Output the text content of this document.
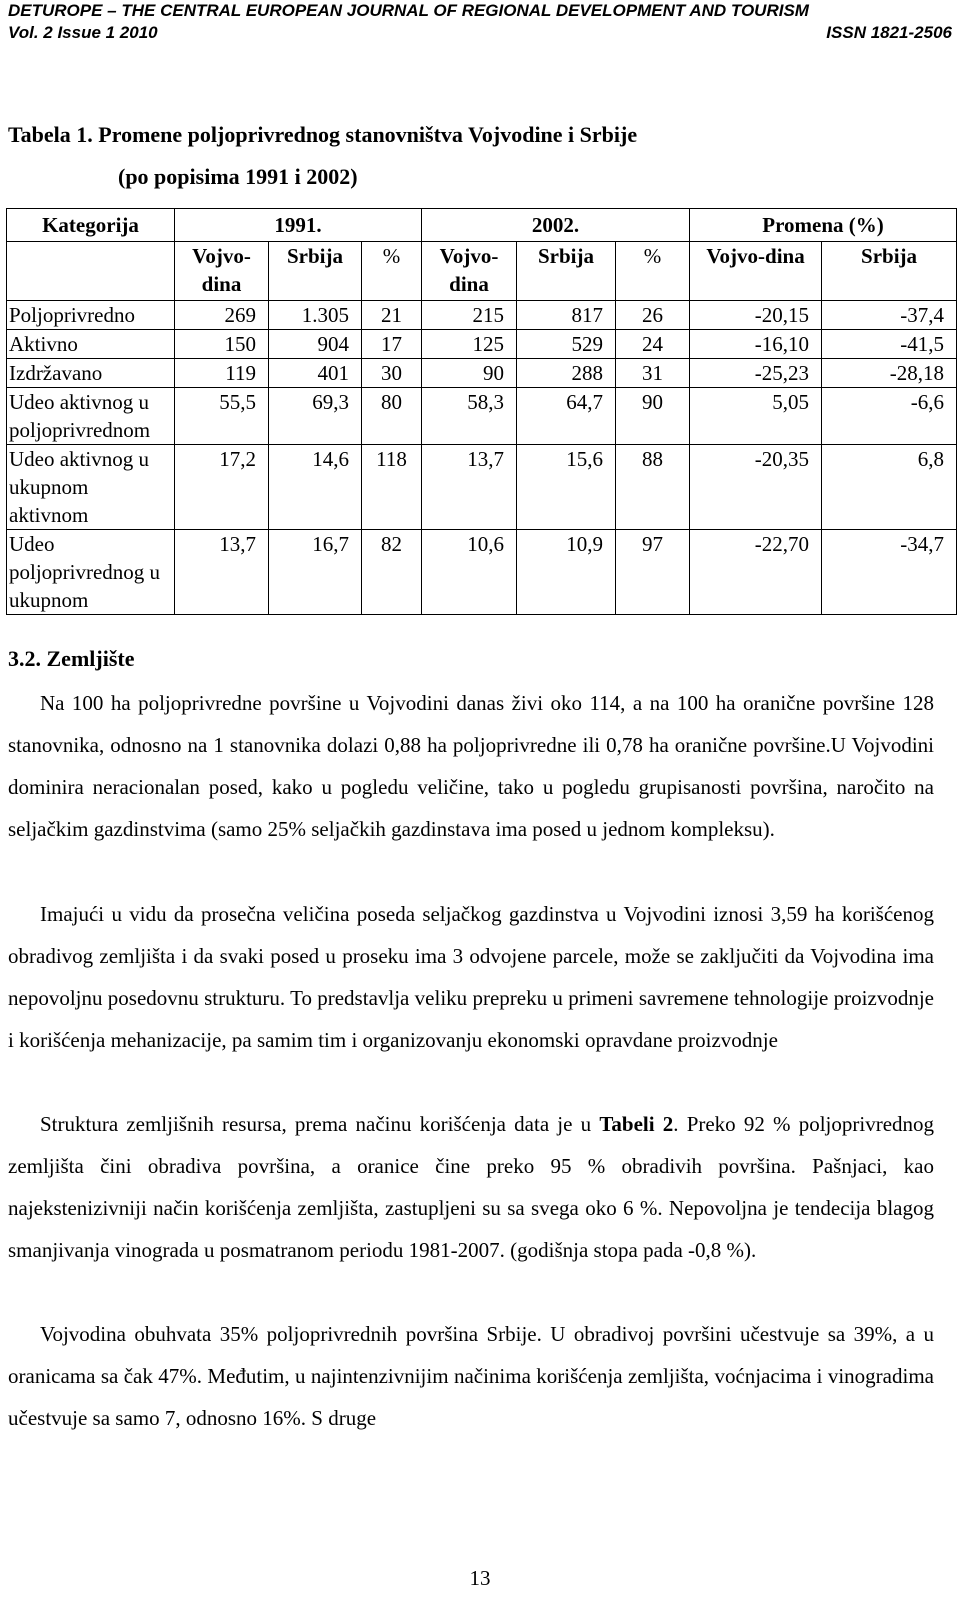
DETUROPE – THE CENTRAL EUROPEAN JOURNAL OF REGIONAL DEVELOPMENT AND TOURISM
Vol. 2 Issue 1 2010	ISSN 1821-2506
Tabela 1. Promene poljoprivrednog stanovništva Vojvodine i Srbije
(po popisima 1991 i 2002)
Kategorija	1991.			2002.			Promena (%)	
	Vojvo-dina	Srbija	%	Vojvo-dina	Srbija	%	Vojvo-dina	Srbija
Poljoprivredno	269	1.305	21	215	817	26	-20,15	-37,4
Aktivno	150	904	17	125	529	24	-16,10	-41,5
Izdržavano	119	401	30	90	288	31	-25,23	-28,18
Udeo aktivnog u poljoprivrednom	55,5	69,3	80	58,3	64,7	90	5,05	-6,6
Udeo aktivnog u ukupnom aktivnom	17,2	14,6	118	13,7	15,6	88	-20,35	6,8
Udeo poljoprivrednog u ukupnom	13,7	16,7	82	10,6	10,9	97	-22,70	-34,7
3.2. Zemljište
Na 100 ha poljoprivredne površine u Vojvodini danas živi oko 114, a na 100 ha oranične površine 128 stanovnika, odnosno na 1 stanovnika dolazi 0,88 ha poljoprivredne ili 0,78 ha oranične površine.U Vojvodini dominira neracionalan posed, kako u pogledu veličine, tako u pogledu grupisanosti površina, naročito na seljačkim gazdinstvima (samo 25% seljačkih gazdinstava ima posed u jednom kompleksu).
Imajući u vidu da prosečna veličina poseda seljačkog gazdinstva u Vojvodini iznosi 3,59 ha korišćenog obradivog zemljišta i da svaki posed u proseku ima 3 odvojene parcele, može se zaključiti da Vojvodina ima nepovoljnu posedovnu strukturu. To predstavlja veliku prepreku u primeni savremene tehnologije proizvodnje i korišćenja mehanizacije, pa samim tim i organizovanju ekonomski opravdane proizvodnje
Struktura zemljišnih resursa, prema načinu korišćenja data je u Tabeli 2. Preko 92 % poljoprivrednog zemljišta čini obradiva površina, a oranice čine preko 95 % obradivih površina. Pašnjaci, kao najekstenizivniji način korišćenja zemljišta, zastupljeni su sa svega oko 6 %. Nepovoljna je tendecija blagog smanjivanja vinograda u posmatranom periodu 1981-2007. (godišnja stopa pada -0,8 %).
Vojvodina obuhvata 35% poljoprivrednih površina Srbije. U obradivoj površini učestvuje sa 39%, a u oranicama sa čak 47%. Međutim, u najintenzivnijim načinima korišćenja zemljišta, voćnjacima i vinogradima učestvuje sa samo 7, odnosno 16%. S druge
13
